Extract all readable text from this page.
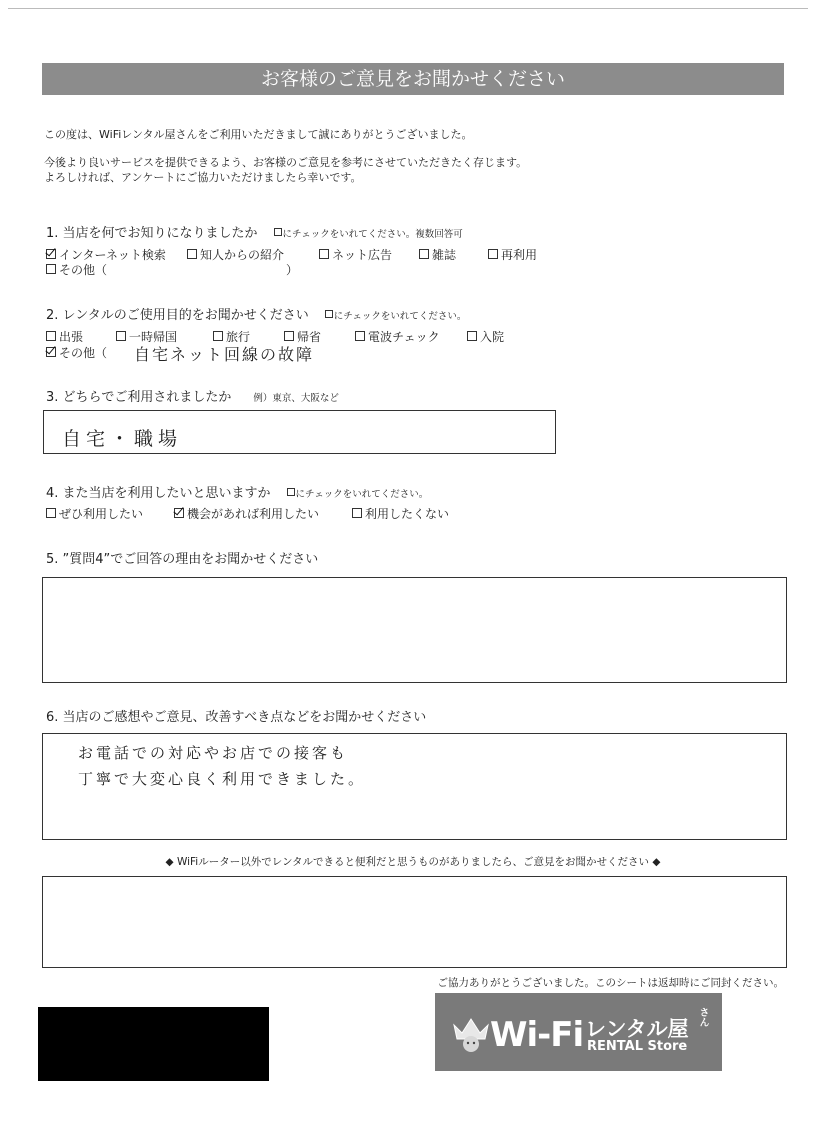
お客様のご意見をお聞かせください
この度は、WiFiレンタル屋さんをご利用いただきまして誠にありがとうございました。
今後より良いサービスを提供できるよう、お客様のご意見を参考にさせていただきたく存じます。
よろしければ、アンケートにご協力いただけましたら幸いです。
1. 当店を何でお知りになりましたか	にチェックをいれてください。複数回答可
インターネット検索	知人からの紹介	ネット広告	雑誌	再利用
その他（	）
2. レンタルのご使用目的をお聞かせください	にチェックをいれてください。
出張	一時帰国	旅行	帰省	電波チェック	入院
その他（ 自宅ネット回線の故障
3. どちらでご利用されましたか 例）東京、大阪など
自宅・職場
4. また当店を利用したいと思いますか	にチェックをいれてください。
ぜひ利用したい	機会があれば利用したい	利用したくない
5. ”質問4”でご回答の理由をお聞かせください
6. 当店のご感想やご意見、改善すべき点などをお聞かせください
お電話での対応やお店での接客も
丁寧で大変心良く利用できました。
◆ WiFiルーター以外でレンタルできると便利だと思うものがありましたら、ご意見をお聞かせください ◆
ご協力ありがとうございました。このシートは返却時にご同封ください。
Wi-Fi レンタル屋 さん
RENTAL Store
